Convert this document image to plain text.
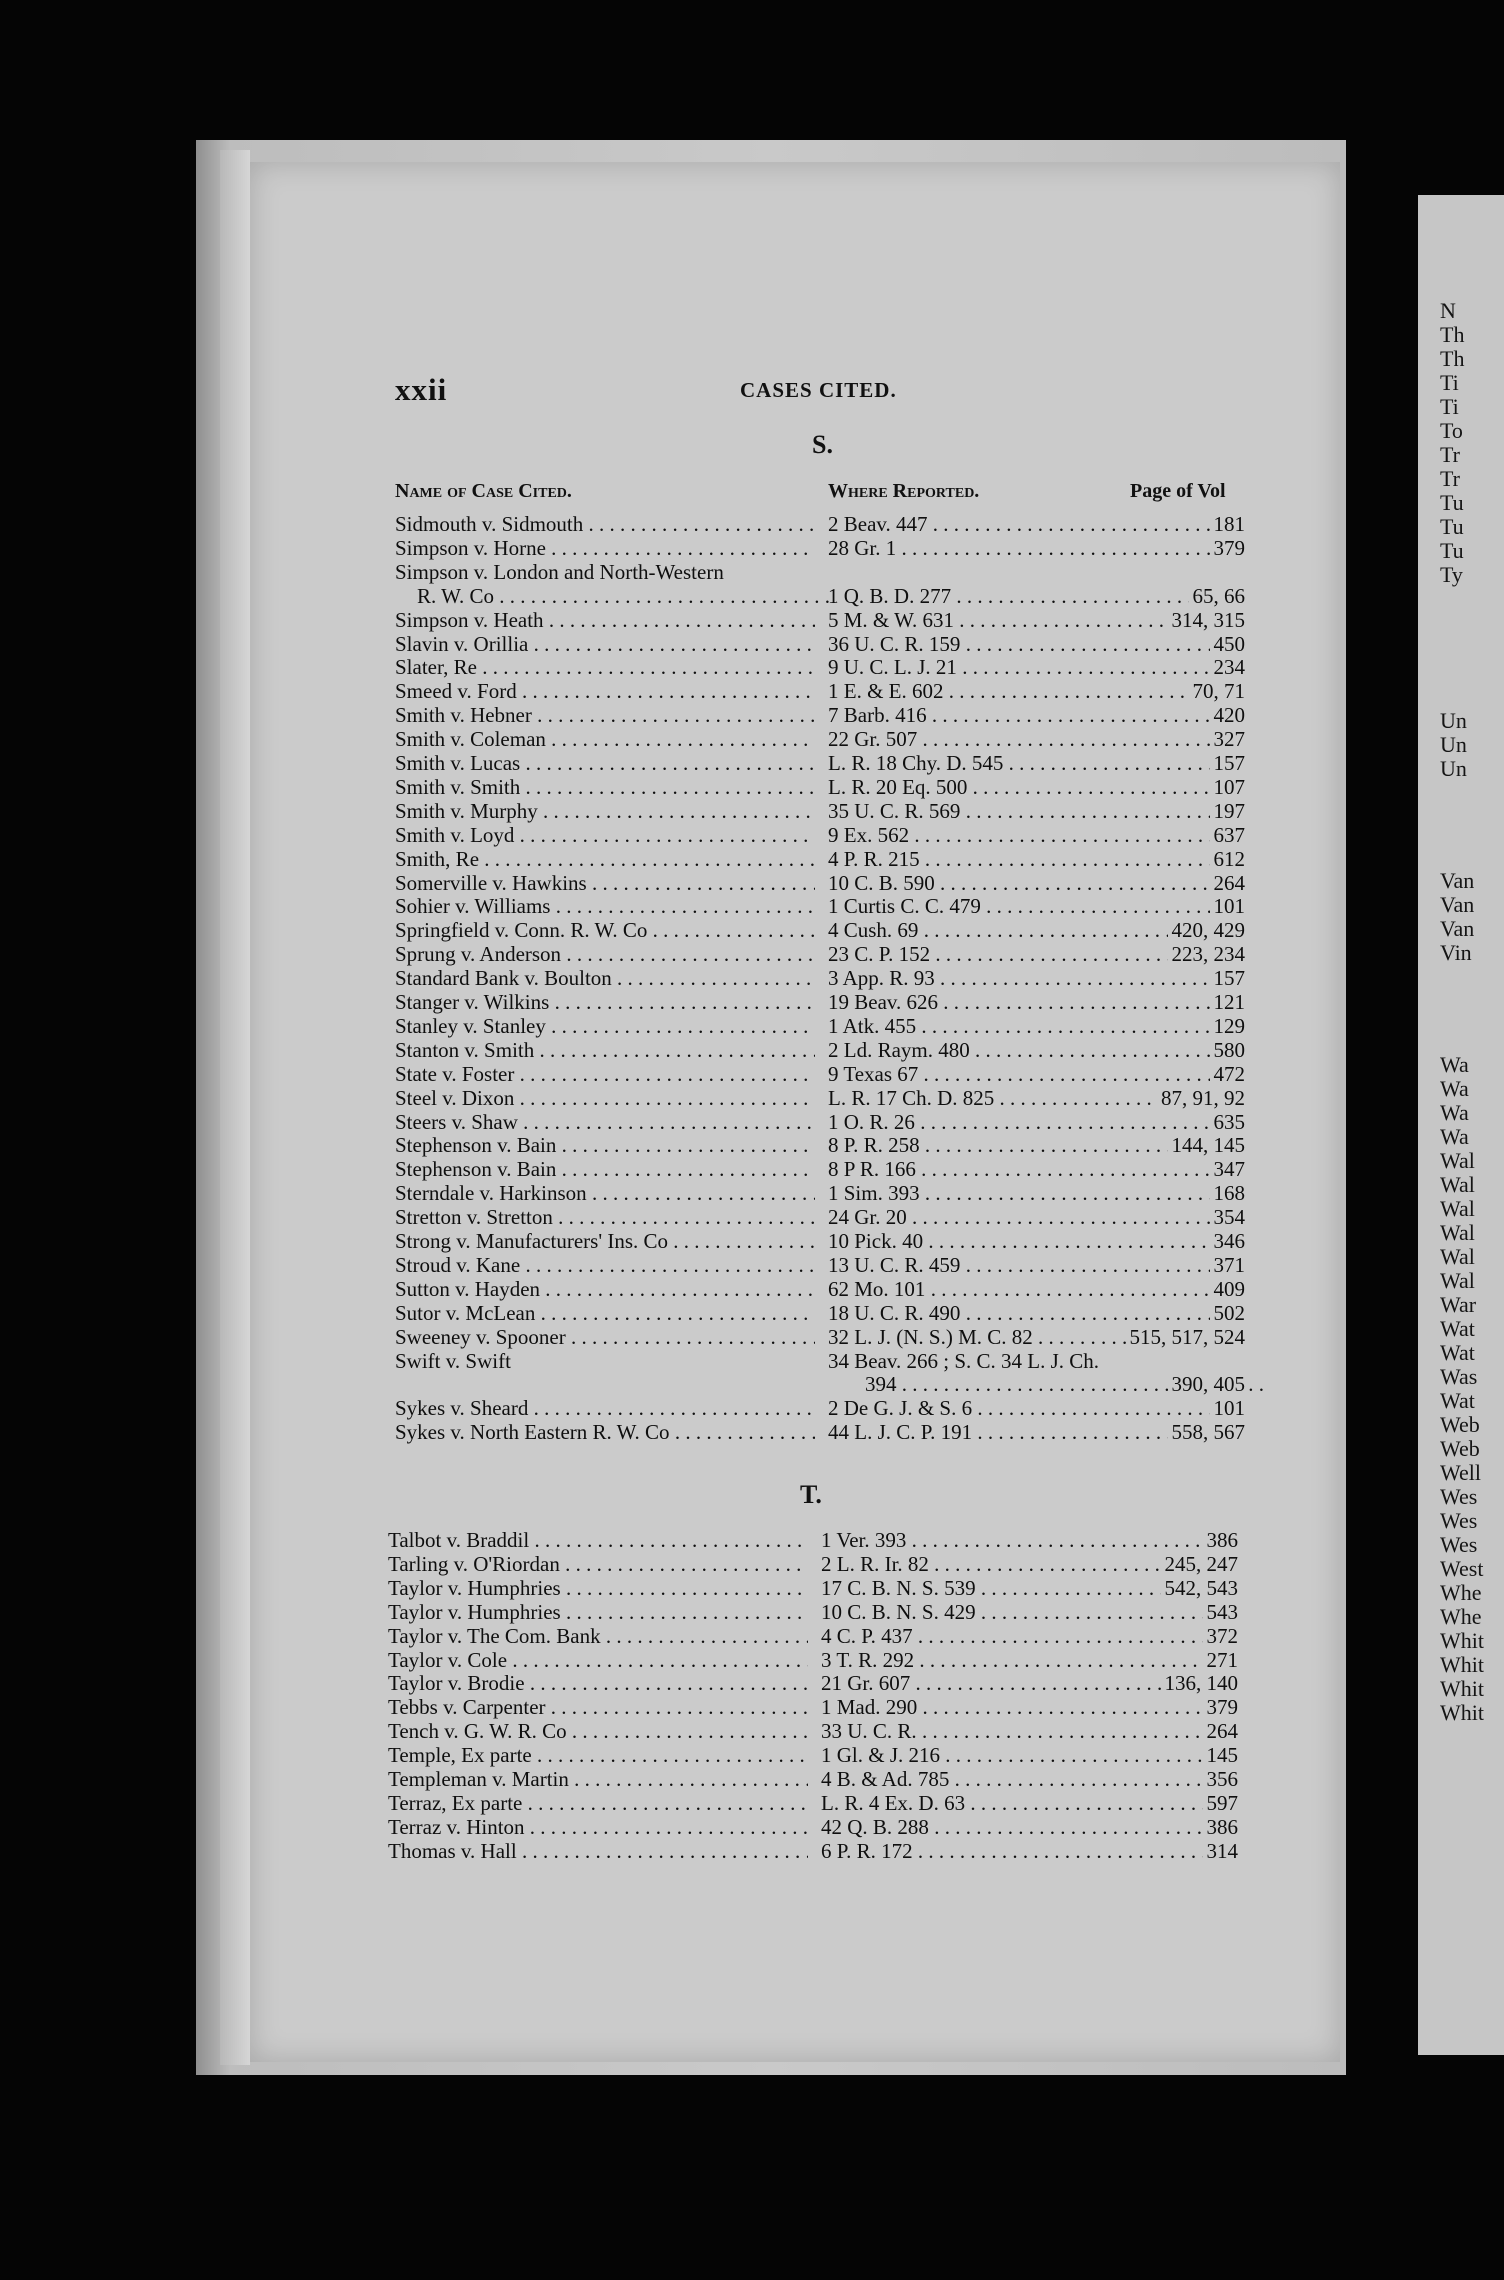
N
Th
Th
Ti
Ti
To
Tr
Tr
Tu
Tu
Tu
Ty
Un
Un
Un
Van
Van
Van
Vin
Wa
Wa
Wa
Wa
Wal
Wal
Wal
Wal
Wal
Wal
War
Wat
Wat
Was
Wat
Web
Web
Well
Wes
Wes
Wes
West
Whe
Whe
Whit
Whit
Whit
Whit
xxii	CASES CITED.
S.
Name of Case Cited.	Where Reported.	Page of Vol
T.
Sidmouth v. Sidmouth . . .	2 Beav. 447 . . .	181
Simpson v. Horne . . .	28 Gr. 1 . . .	379
Simpson v. London and North-Western
R. W. Co . . .	1 Q. B. D. 277 . . .	65, 66
Simpson v. Heath . . .	5 M. & W. 631 . . .	314, 315
Slavin v. Orillia . . .	36 U. C. R. 159 . . .	450
Slater, Re . . .	9 U. C. L. J. 21 . . .	234
Smeed v. Ford . . .	1 E. & E. 602 . . .	70, 71
Smith v. Hebner . . .	7 Barb. 416 . . .	420
Smith v. Coleman . . .	22 Gr. 507 . . .	327
Smith v. Lucas . . .	L. R. 18 Chy. D. 545 . . .	157
Smith v. Smith . . .	L. R. 20 Eq. 500 . . .	107
Smith v. Murphy . . .	35 U. C. R. 569 . . .	197
Smith v. Loyd . . .	9 Ex. 562 . . .	637
Smith, Re . . .	4 P. R. 215 . . .	612
Somerville v. Hawkins . . .	10 C. B. 590 . . .	264
Sohier v. Williams . . .	1 Curtis C. C. 479 . . .	101
Springfield v. Conn. R. W. Co . . .	4 Cush. 69 . . .	420, 429
Sprung v. Anderson . . .	23 C. P. 152 . . .	223, 234
Standard Bank v. Boulton . . .	3 App. R. 93 . . .	157
Stanger v. Wilkins . . .	19 Beav. 626 . . .	121
Stanley v. Stanley . . .	1 Atk. 455 . . .	129
Stanton v. Smith . . .	2 Ld. Raym. 480 . . .	580
State v. Foster . . .	9 Texas 67 . . .	472
Steel v. Dixon . . .	L. R. 17 Ch. D. 825 . . .	87, 91, 92
Steers v. Shaw . . .	1 O. R. 26 . . .	635
Stephenson v. Bain . . .	8 P. R. 258 . . .	144, 145
Stephenson v. Bain . . .	8 P R. 166 . . .	347
Sterndale v. Harkinson . . .	1 Sim. 393 . . .	168
Stretton v. Stretton . . .	24 Gr. 20 . . .	354
Strong v. Manufacturers' Ins. Co . . .	10 Pick. 40 . . .	346
Stroud v. Kane . . .	13 U. C. R. 459 . . .	371
Sutton v. Hayden . . .	62 Mo. 101 . . .	409
Sutor v. McLean . . .	18 U. C. R. 490 . . .	502
Sweeney v. Spooner . . .	32 L. J. (N. S.) M. C. 82 . . .	515, 517, 524
Swift v. Swift	34 Beav. 266 ; S. C. 34 L. J. Ch.
394 . . .	390, 405
Sykes v. Sheard . . .	2 De G. J. & S. 6 . . .	101
Sykes v. North Eastern R. W. Co . . .	44 L. J. C. P. 191 . . .	558, 567
Talbot v. Braddil . . .	1 Ver. 393 . . .	386
Tarling v. O'Riordan . . .	2 L. R. Ir. 82 . . .	245, 247
Taylor v. Humphries . . .	17 C. B. N. S. 539 . . .	542, 543
Taylor v. Humphries . . .	10 C. B. N. S. 429 . . .	543
Taylor v. The Com. Bank . . .	4 C. P. 437 . . .	372
Taylor v. Cole . . .	3 T. R. 292 . . .	271
Taylor v. Brodie . . .	21 Gr. 607 . . .	136, 140
Tebbs v. Carpenter . . .	1 Mad. 290 . . .	379
Tench v. G. W. R. Co . . .	33 U. C. R. . . .	264
Temple, Ex parte . . .	1 Gl. & J. 216 . . .	145
Templeman v. Martin . . .	4 B. & Ad. 785 . . .	356
Terraz, Ex parte . . .	L. R. 4 Ex. D. 63 . . .	597
Terraz v. Hinton . . .	42 Q. B. 288 . . .	386
Thomas v. Hall . . .	6 P. R. 172 . . .	314
